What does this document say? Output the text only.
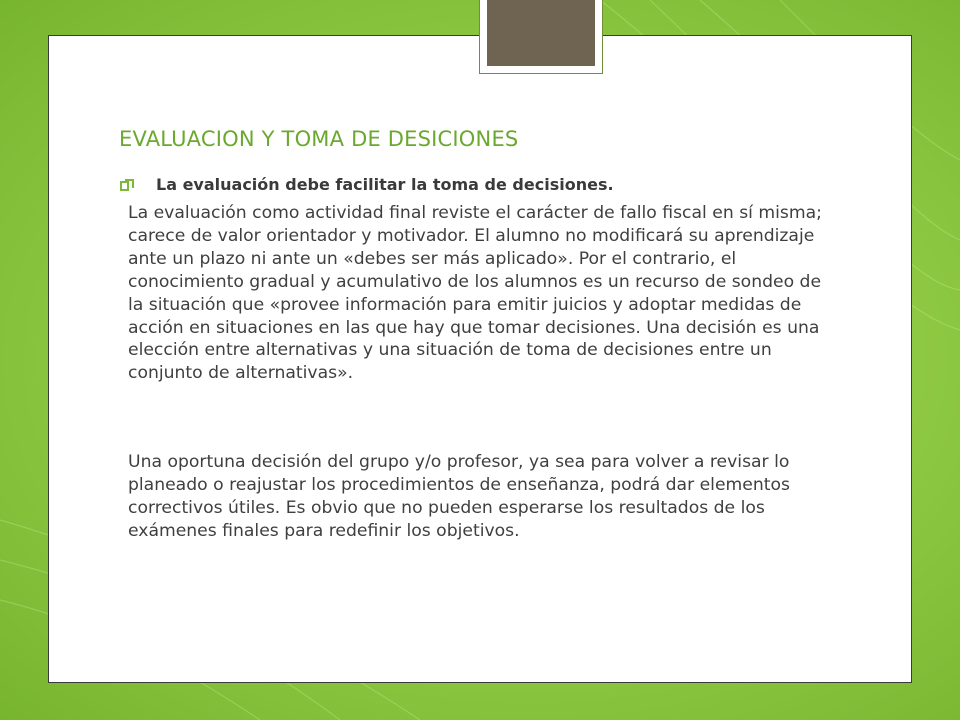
EVALUACION Y TOMA DE DESICIONES
La evaluación debe facilitar la toma de decisiones.

La evaluación como actividad final reviste el carácter de fallo fiscal en sí misma; carece de valor orientador y motivador. El alumno no modificará su aprendizaje ante un plazo ni ante un «debes ser más aplicado». Por el contrario, el conocimiento gradual y acumulativo de los alumnos es un recurso de sondeo de la situación que «provee información para emitir juicios y adoptar medidas de acción en situaciones en las que hay que tomar decisiones. Una decisión es una elección entre alternativas y una situación de toma de decisiones entre un conjunto de alternativas».

Una oportuna decisión del grupo y/o profesor, ya sea para volver a revisar lo planeado o reajustar los procedimientos de enseñanza, podrá dar elementos correctivos útiles. Es obvio que no pueden esperarse los resultados de los exámenes finales para redefinir los objetivos.
